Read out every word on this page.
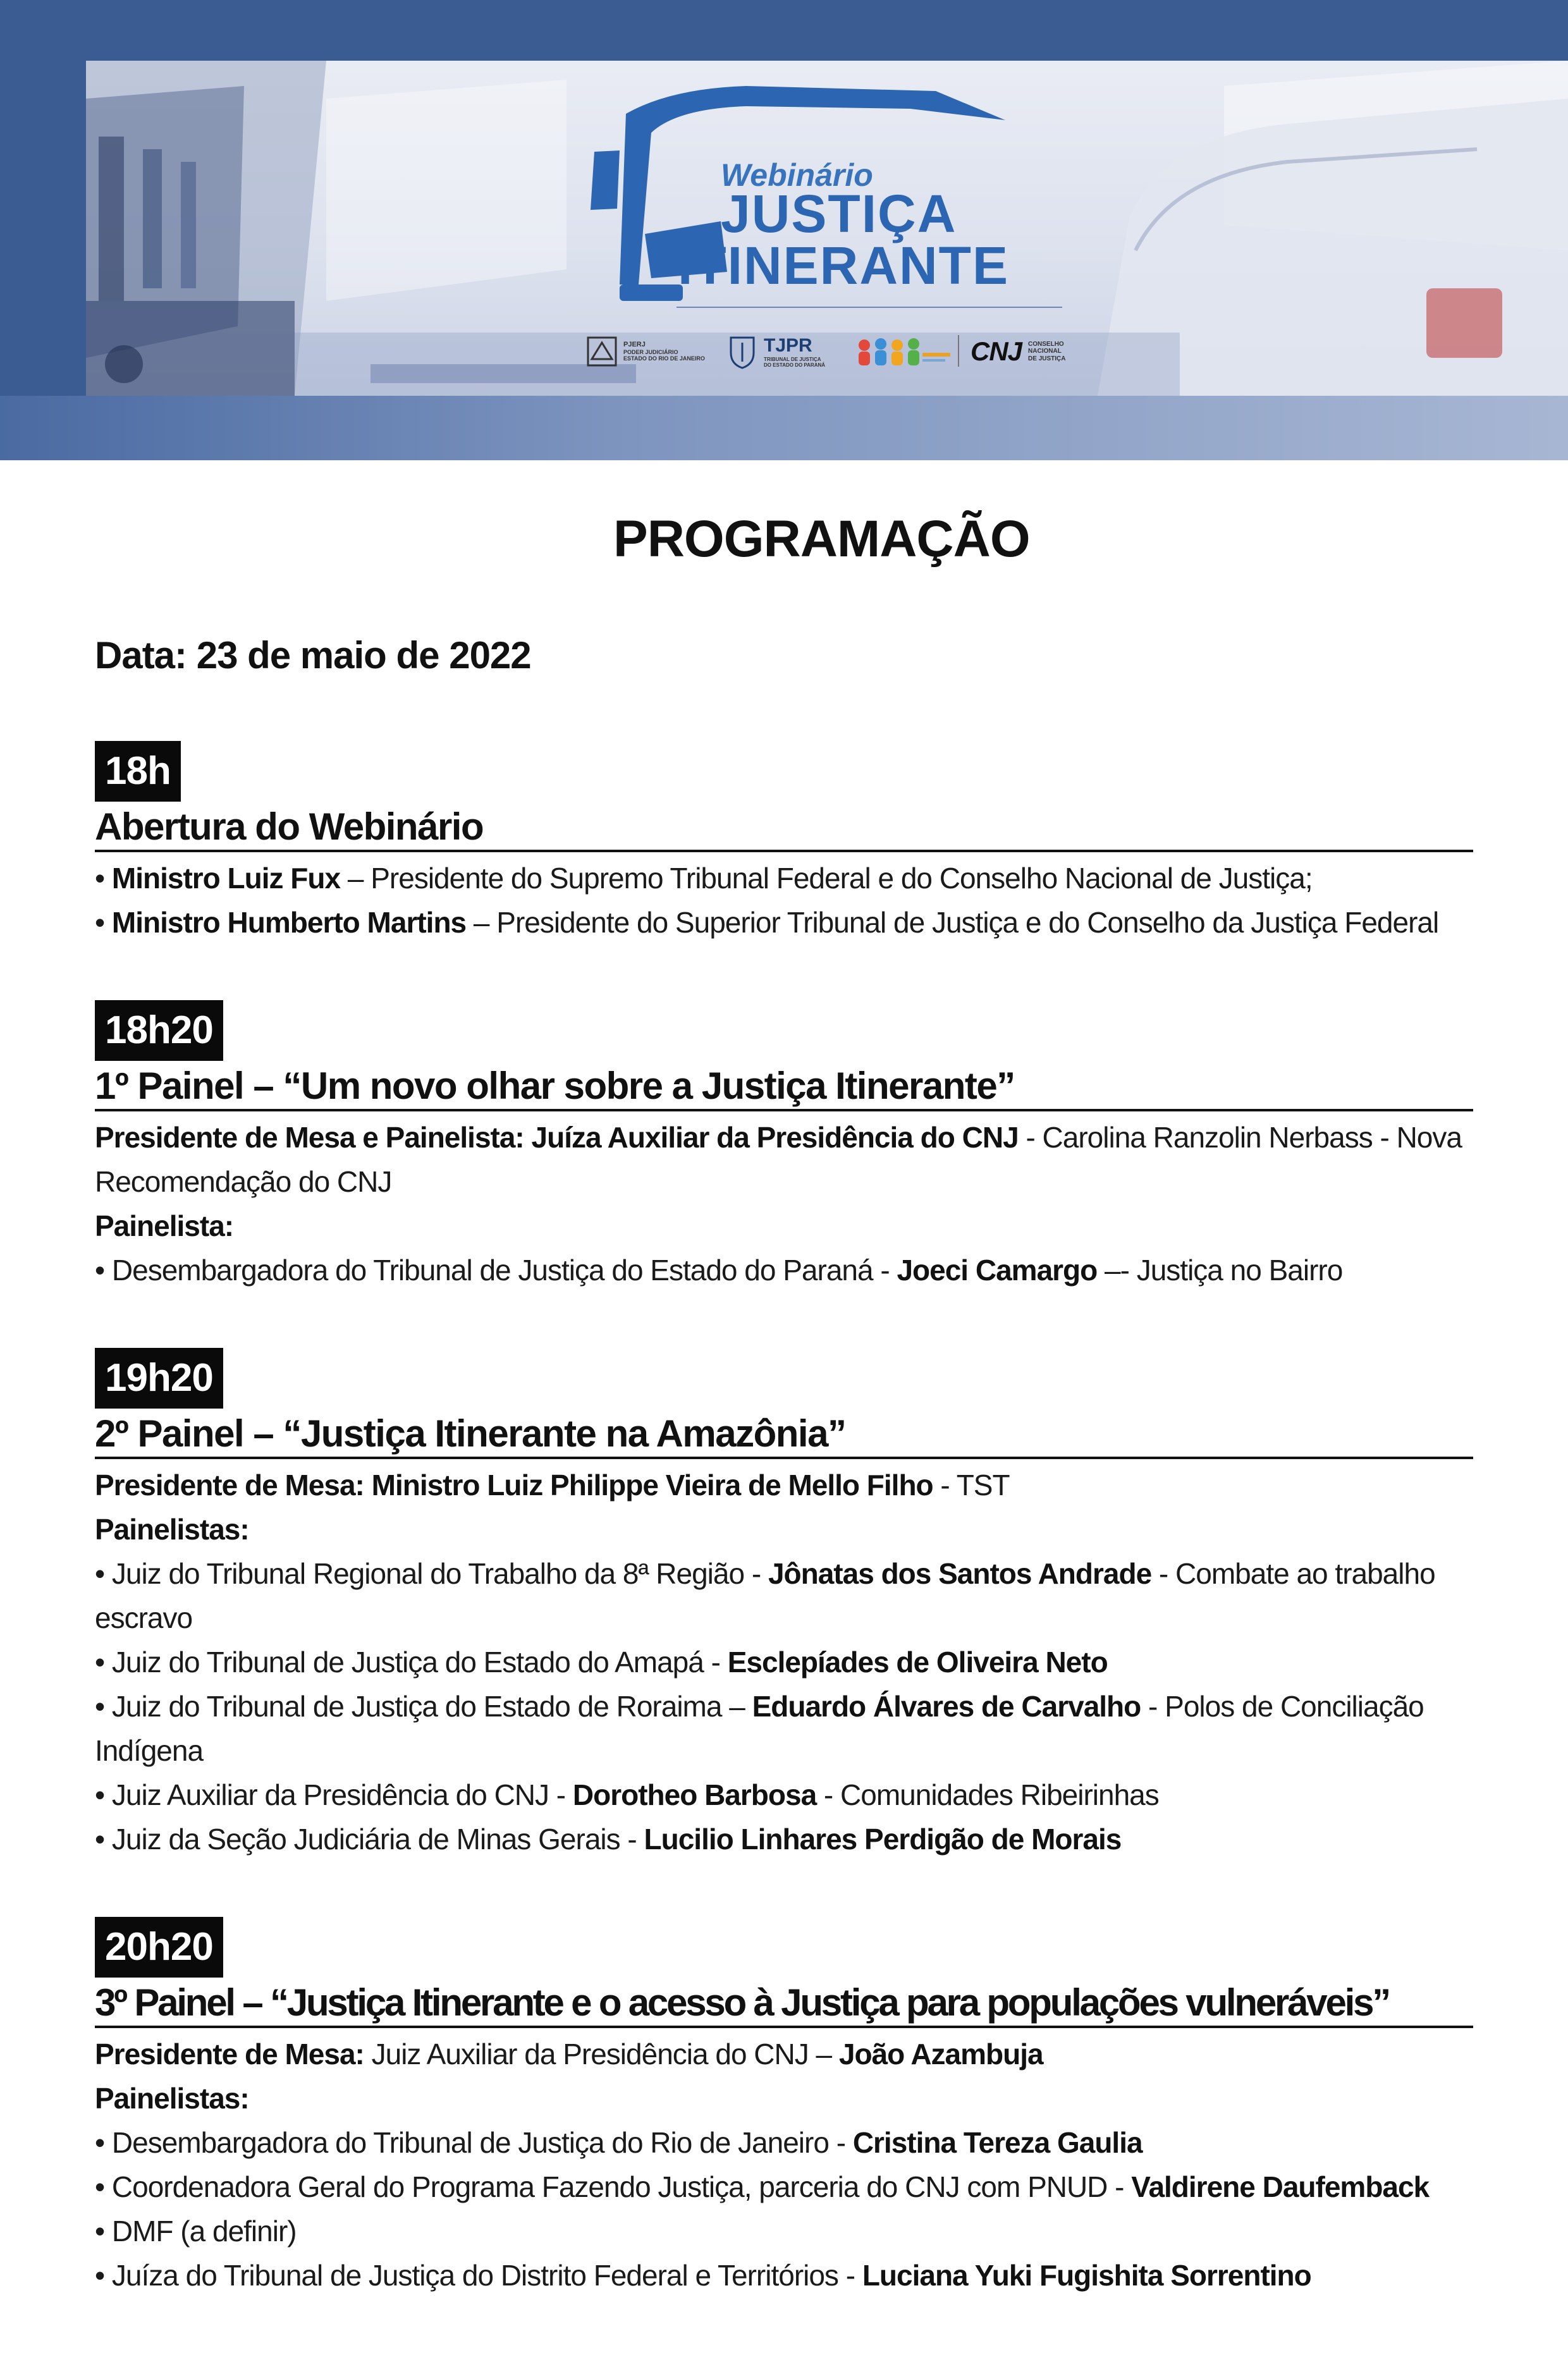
Webinário
JUSTIÇA
ITINERANTE
PJERJ
PODER JUDICIÁRIO
ESTADO DO RIO DE JANEIRO
TJPR
TRIBUNAL DE JUSTIÇA
DO ESTADO DO PARANÁ	CNJ CONSELHO
NACIONAL
DE JUSTIÇA
PROGRAMAÇÃO
Data: 23 de maio de 2022
18h
Abertura do Webinário
• Ministro Luiz Fux – Presidente do Supremo Tribunal Federal e do Conselho Nacional de Justiça;
• Ministro Humberto Martins – Presidente do Superior Tribunal de Justiça e do Conselho da Justiça Federal
18h20
1º Painel – “Um novo olhar sobre a Justiça Itinerante”
Presidente de Mesa e Painelista: Juíza Auxiliar da Presidência do CNJ - Carolina Ranzolin Nerbass - Nova
Recomendação do CNJ
Painelista:
• Desembargadora do Tribunal de Justiça do Estado do Paraná - Joeci Camargo –- Justiça no Bairro
19h20
2º Painel – “Justiça Itinerante na Amazônia”
Presidente de Mesa: Ministro Luiz Philippe Vieira de Mello Filho - TST
Painelistas:
• Juiz do Tribunal Regional do Trabalho da 8ª Região - Jônatas dos Santos Andrade - Combate ao trabalho
escravo
• Juiz do Tribunal de Justiça do Estado do Amapá - Esclepíades de Oliveira Neto
• Juiz do Tribunal de Justiça do Estado de Roraima – Eduardo Álvares de Carvalho - Polos de Conciliação
Indígena
• Juiz Auxiliar da Presidência do CNJ - Dorotheo Barbosa - Comunidades Ribeirinhas
• Juiz da Seção Judiciária de Minas Gerais - Lucilio Linhares Perdigão de Morais
20h20
3º Painel – “Justiça Itinerante e o acesso à Justiça para populações vulneráveis”
Presidente de Mesa: Juiz Auxiliar da Presidência do CNJ – João Azambuja
Painelistas:
• Desembargadora do Tribunal de Justiça do Rio de Janeiro - Cristina Tereza Gaulia
• Coordenadora Geral do Programa Fazendo Justiça, parceria do CNJ com PNUD - Valdirene Daufemback
• DMF (a definir)
• Juíza do Tribunal de Justiça do Distrito Federal e Territórios - Luciana Yuki Fugishita Sorrentino
